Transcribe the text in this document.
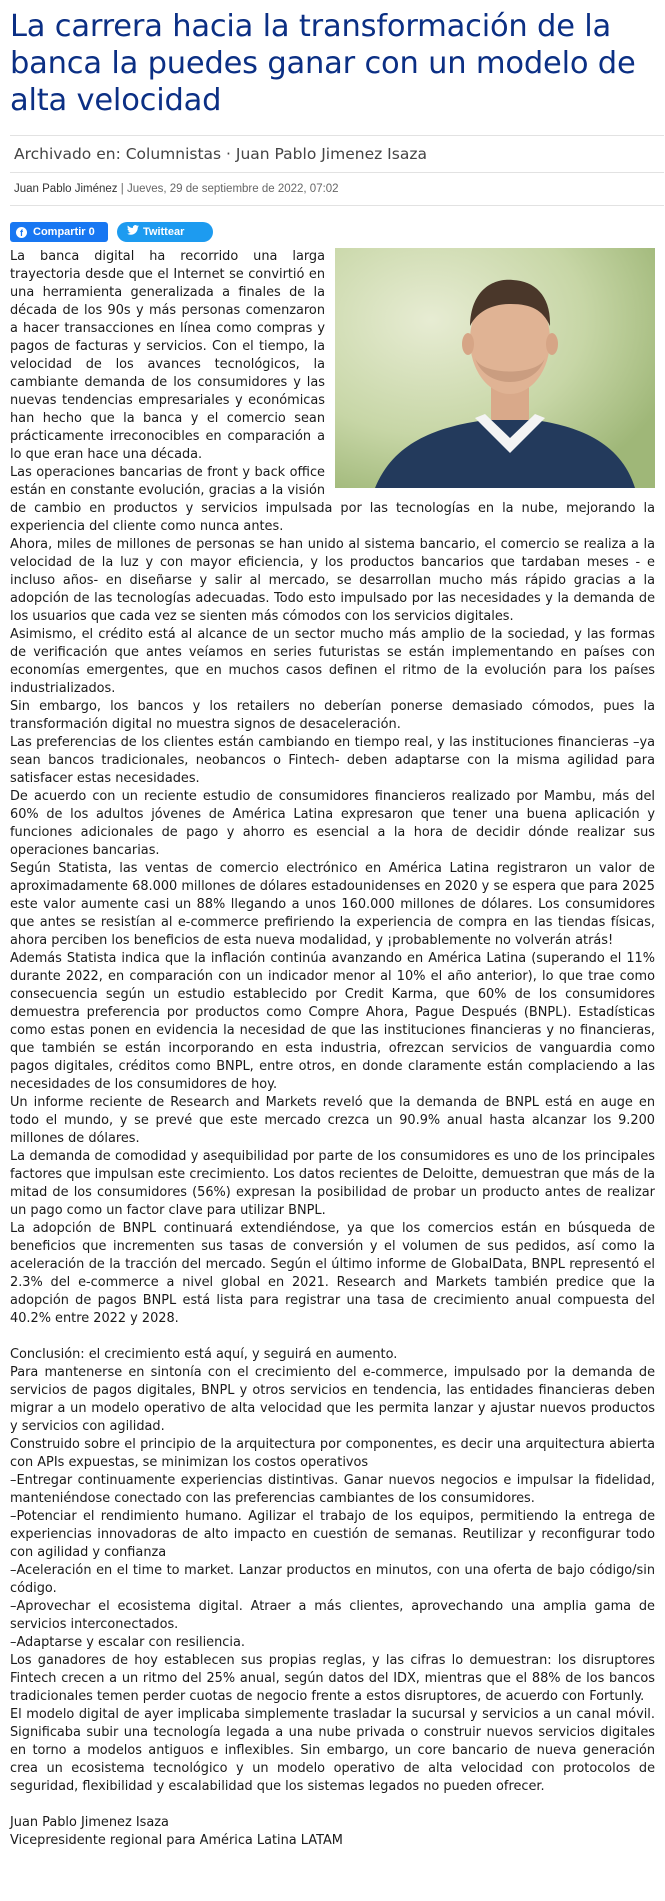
La carrera hacia la transformación de la banca la puedes ganar con un modelo de alta velocidad
Archivado en: Columnistas · Juan Pablo Jimenez Isaza
Juan Pablo Jiménez | Jueves, 29 de septiembre de 2022, 07:02
f Compartir 0	Twittear

La banca digital ha recorrido una larga trayectoria desde que el Internet se convirtió en una herramienta generalizada a finales de la década de los 90s y más personas comenzaron a hacer transacciones en línea como compras y pagos de facturas y servicios. Con el tiempo, la velocidad de los avances tecnológicos, la cambiante demanda de los consumidores y las nuevas tendencias empresariales y económicas han hecho que la banca y el comercio sean prácticamente irreconocibles en comparación a lo que eran hace una década.

Las operaciones bancarias de front y back office están en constante evolución, gracias a la visión de cambio en productos y servicios impulsada por las tecnologías en la nube, mejorando la experiencia del cliente como nunca antes.

Ahora, miles de millones de personas se han unido al sistema bancario, el comercio se realiza a la velocidad de la luz y con mayor eficiencia, y los productos bancarios que tardaban meses - e incluso años- en diseñarse y salir al mercado, se desarrollan mucho más rápido gracias a la adopción de las tecnologías adecuadas. Todo esto impulsado por las necesidades y la demanda de los usuarios que cada vez se sienten más cómodos con los servicios digitales.

Asimismo, el crédito está al alcance de un sector mucho más amplio de la sociedad, y las formas de verificación que antes veíamos en series futuristas se están implementando en países con economías emergentes, que en muchos casos definen el ritmo de la evolución para los países industrializados.

Sin embargo, los bancos y los retailers no deberían ponerse demasiado cómodos, pues la transformación digital no muestra signos de desaceleración.

Las preferencias de los clientes están cambiando en tiempo real, y las instituciones financieras –ya sean bancos tradicionales, neobancos o Fintech- deben adaptarse con la misma agilidad para satisfacer estas necesidades.

De acuerdo con un reciente estudio de consumidores financieros realizado por Mambu, más del 60% de los adultos jóvenes de América Latina expresaron que tener una buena aplicación y funciones adicionales de pago y ahorro es esencial a la hora de decidir dónde realizar sus operaciones bancarias.

Según Statista, las ventas de comercio electrónico en América Latina registraron un valor de aproximadamente 68.000 millones de dólares estadounidenses en 2020 y se espera que para 2025 este valor aumente casi un 88% llegando a unos 160.000 millones de dólares. Los consumidores que antes se resistían al e-commerce prefiriendo la experiencia de compra en las tiendas físicas, ahora perciben los beneficios de esta nueva modalidad, y ¡probablemente no volverán atrás!

Además Statista indica que la inflación continúa avanzando en América Latina (superando el 11% durante 2022, en comparación con un indicador menor al 10% el año anterior), lo que trae como consecuencia según un estudio establecido por Credit Karma, que 60% de los consumidores demuestra preferencia por productos como Compre Ahora, Pague Después (BNPL). Estadísticas como estas ponen en evidencia la necesidad de que las instituciones financieras y no financieras, que también se están incorporando en esta industria, ofrezcan servicios de vanguardia como pagos digitales, créditos como BNPL, entre otros, en donde claramente están complaciendo a las necesidades de los consumidores de hoy.

Un informe reciente de Research and Markets reveló que la demanda de BNPL está en auge en todo el mundo, y se prevé que este mercado crezca un 90.9% anual hasta alcanzar los 9.200 millones de dólares.

La demanda de comodidad y asequibilidad por parte de los consumidores es uno de los principales factores que impulsan este crecimiento. Los datos recientes de Deloitte, demuestran que más de la mitad de los consumidores (56%) expresan la posibilidad de probar un producto antes de realizar un pago como un factor clave para utilizar BNPL.

La adopción de BNPL continuará extendiéndose, ya que los comercios están en búsqueda de beneficios que incrementen sus tasas de conversión y el volumen de sus pedidos, así como la aceleración de la tracción del mercado. Según el último informe de GlobalData, BNPL representó el 2.3% del e-commerce a nivel global en 2021. Research and Markets también predice que la adopción de pagos BNPL está lista para registrar una tasa de crecimiento anual compuesta del 40.2% entre 2022 y 2028.

Conclusión: el crecimiento está aquí, y seguirá en aumento.

Para mantenerse en sintonía con el crecimiento del e-commerce, impulsado por la demanda de servicios de pagos digitales, BNPL y otros servicios en tendencia, las entidades financieras deben migrar a un modelo operativo de alta velocidad que les permita lanzar y ajustar nuevos productos y servicios con agilidad.

Construido sobre el principio de la arquitectura por componentes, es decir una arquitectura abierta con APIs expuestas, se minimizan los costos operativos

–Entregar continuamente experiencias distintivas. Ganar nuevos negocios e impulsar la fidelidad, manteniéndose conectado con las preferencias cambiantes de los consumidores.

–Potenciar el rendimiento humano. Agilizar el trabajo de los equipos, permitiendo la entrega de experiencias innovadoras de alto impacto en cuestión de semanas. Reutilizar y reconfigurar todo con agilidad y confianza

–Aceleración en el time to market. Lanzar productos en minutos, con una oferta de bajo código/sin código.

–Aprovechar el ecosistema digital. Atraer a más clientes, aprovechando una amplia gama de servicios interconectados.

–Adaptarse y escalar con resiliencia.

Los ganadores de hoy establecen sus propias reglas, y las cifras lo demuestran: los disruptores Fintech crecen a un ritmo del 25% anual, según datos del IDX, mientras que el 88% de los bancos tradicionales temen perder cuotas de negocio frente a estos disruptores, de acuerdo con Fortunly.

El modelo digital de ayer implicaba simplemente trasladar la sucursal y servicios a un canal móvil. Significaba subir una tecnología legada a una nube privada o construir nuevos servicios digitales en torno a modelos antiguos e inflexibles. Sin embargo, un core bancario de nueva generación crea un ecosistema tecnológico y un modelo operativo de alta velocidad con protocolos de seguridad, flexibilidad y escalabilidad que los sistemas legados no pueden ofrecer.

Juan Pablo Jimenez Isaza

Vicepresidente regional para América Latina LATAM
